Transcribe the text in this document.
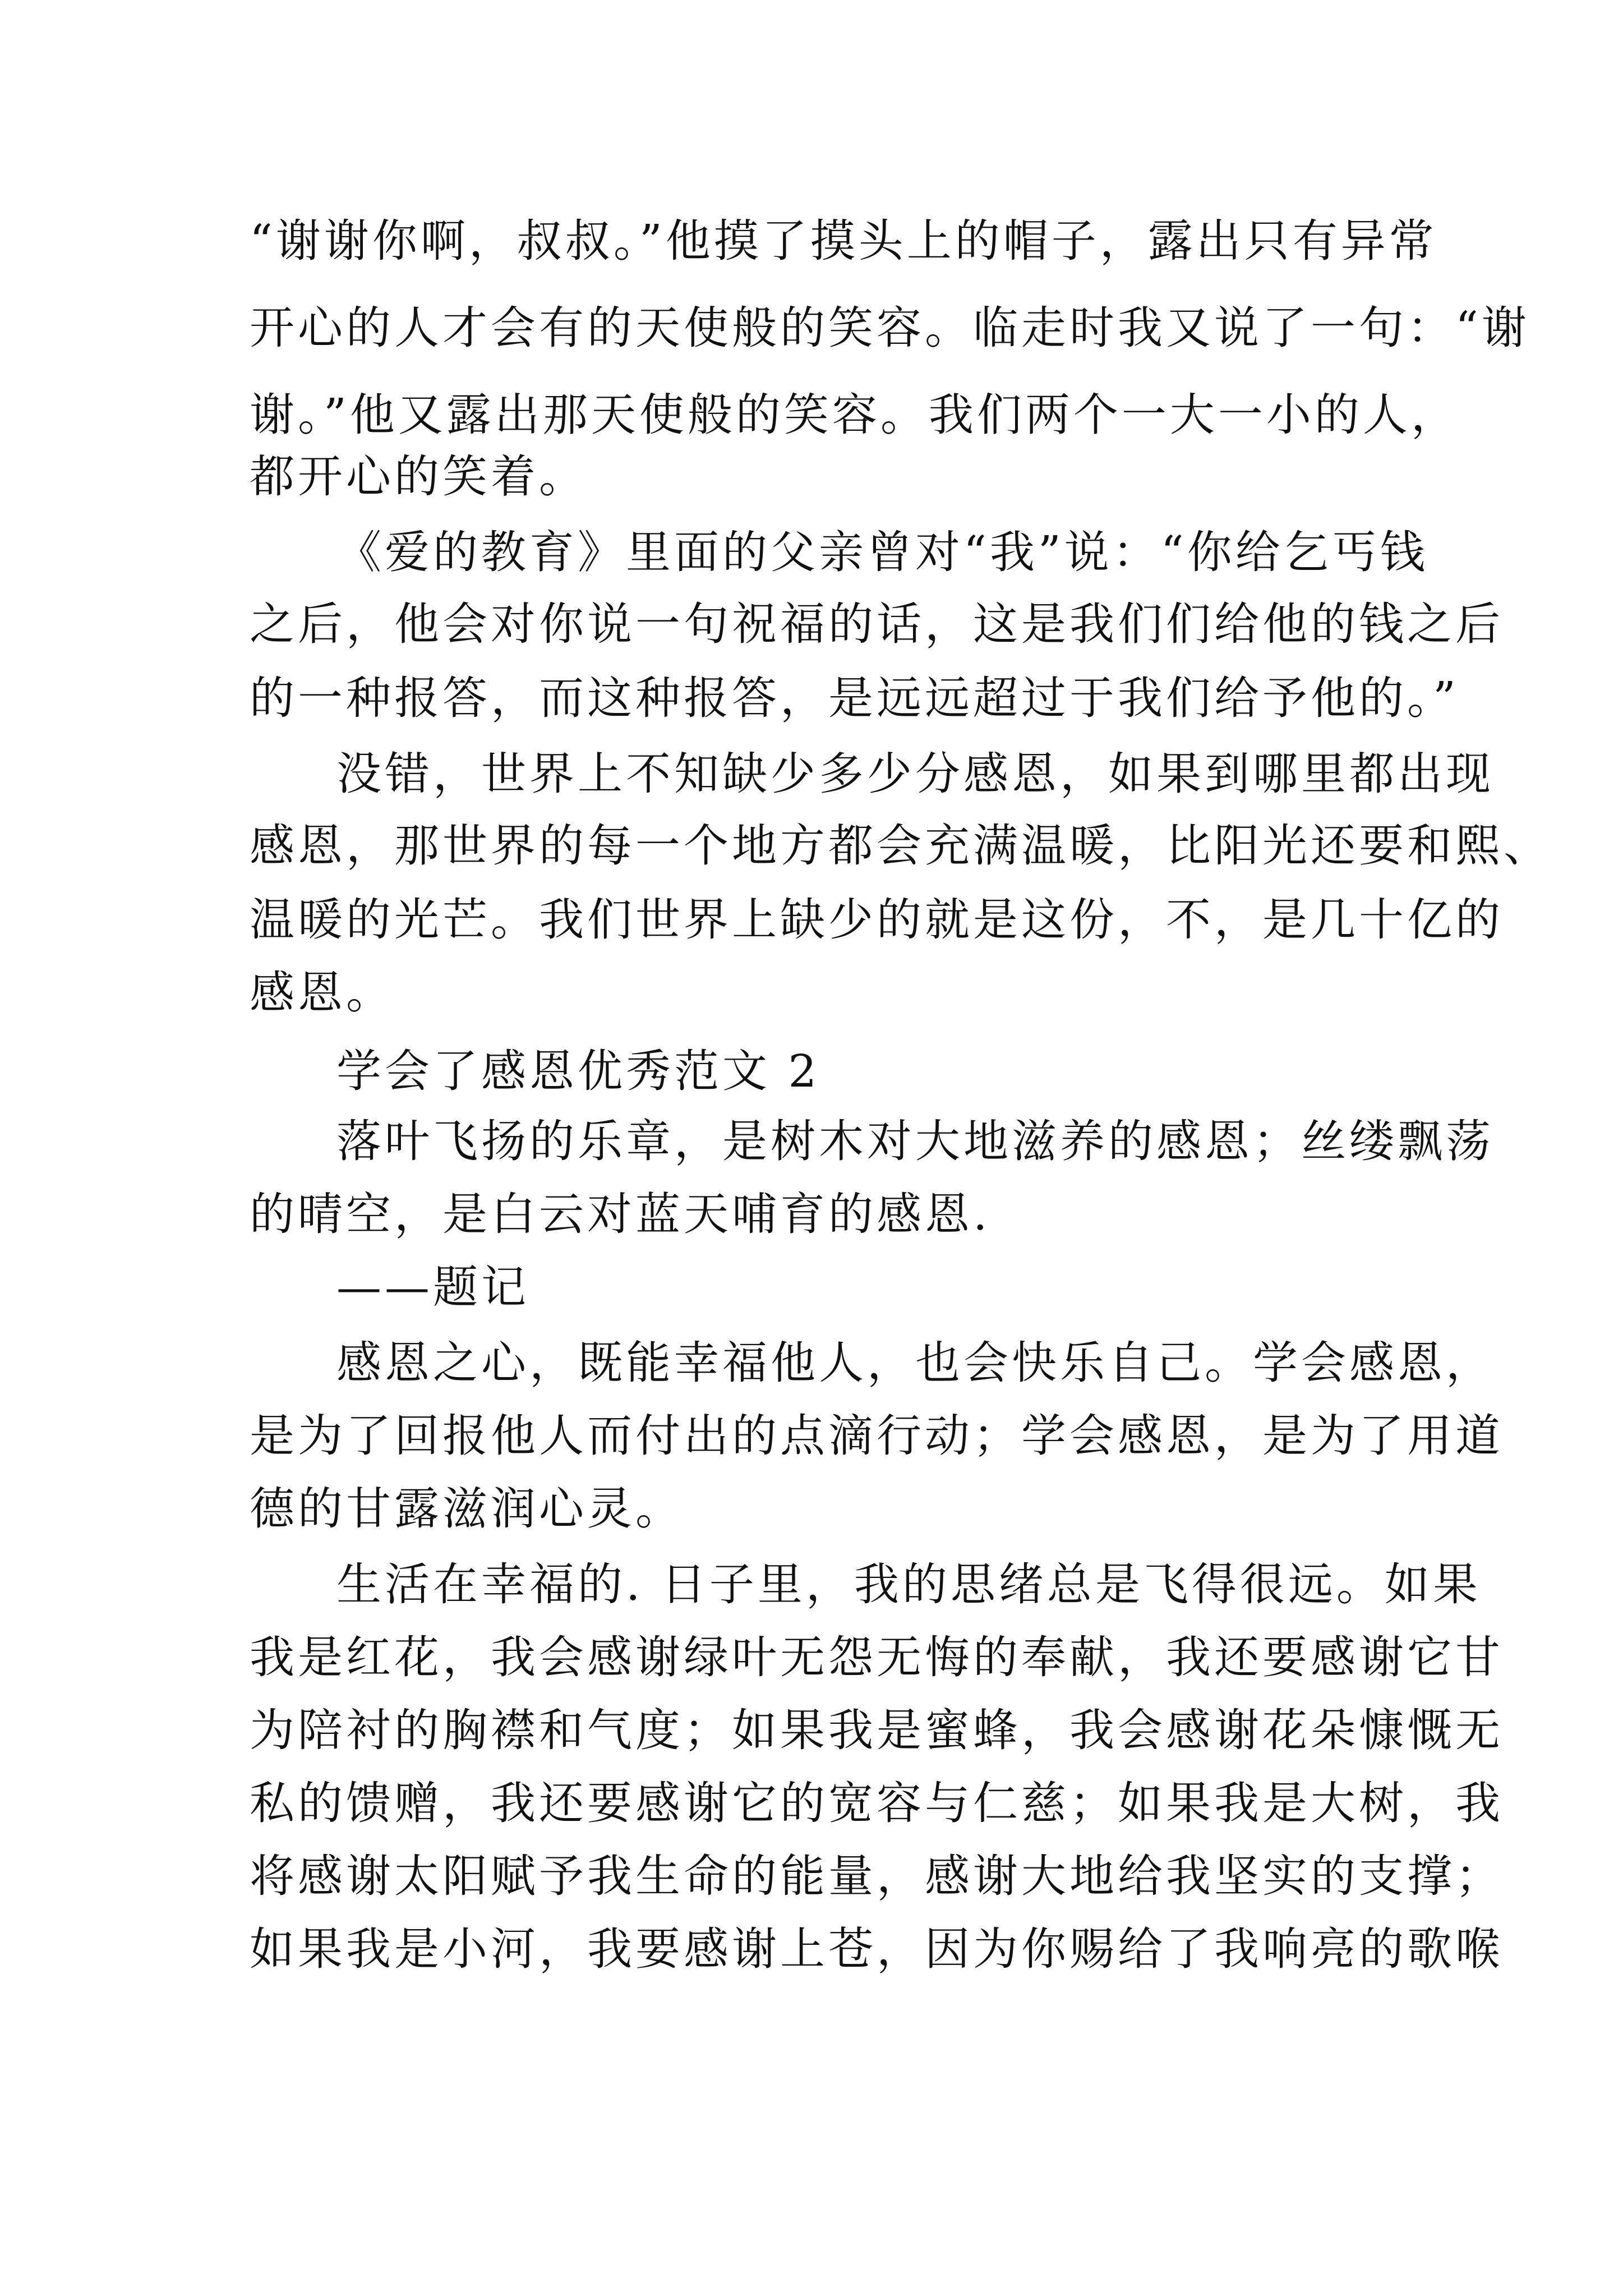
“谢谢你啊，叔叔。”他摸了摸头上的帽子，露出只有异常
开心的人才会有的天使般的笑容。临走时我又说了一句：“谢
谢。”他又露出那天使般的笑容。我们两个一大一小的人，
都开心的笑着。
《爱的教育》里面的父亲曾对“我”说：“你给乞丐钱
之后，他会对你说一句祝福的话，这是我们们给他的钱之后
的一种报答，而这种报答，是远远超过于我们给予他的。”
没错，世界上不知缺少多少分感恩，如果到哪里都出现
感恩，那世界的每一个地方都会充满温暖，比阳光还要和熙、
温暖的光芒。我们世界上缺少的就是这份，不，是几十亿的
感恩。
学会了感恩优秀范文 2
落叶飞扬的乐章，是树木对大地滋养的感恩；丝缕飘荡
的晴空，是白云对蓝天哺育的感恩.
——题记
感恩之心，既能幸福他人，也会快乐自己。学会感恩，
是为了回报他人而付出的点滴行动；学会感恩，是为了用道
德的甘露滋润心灵。
生活在幸福的. 日子里，我的思绪总是飞得很远。如果
我是红花，我会感谢绿叶无怨无悔的奉献，我还要感谢它甘
为陪衬的胸襟和气度；如果我是蜜蜂，我会感谢花朵慷慨无
私的馈赠，我还要感谢它的宽容与仁慈；如果我是大树，我
将感谢太阳赋予我生命的能量，感谢大地给我坚实的支撑；
如果我是小河，我要感谢上苍，因为你赐给了我响亮的歌喉
